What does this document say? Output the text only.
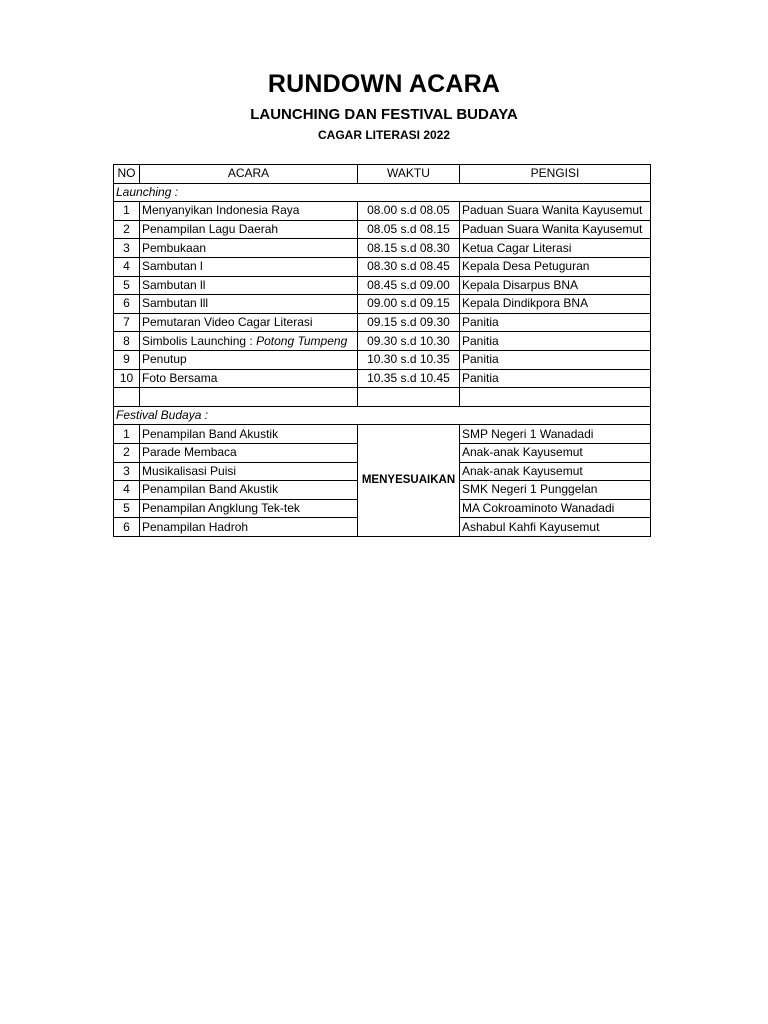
RUNDOWN ACARA
LAUNCHING DAN FESTIVAL BUDAYA
CAGAR LITERASI 2022
NO	ACARA	WAKTU	PENGISI
Launching :			
1	Menyanyikan Indonesia Raya	08.00 s.d 08.05	Paduan Suara Wanita Kayusemut
2	Penampilan Lagu Daerah	08.05 s.d 08.15	Paduan Suara Wanita Kayusemut
3	Pembukaan	08.15 s.d 08.30	Ketua Cagar Literasi
4	Sambutan l	08.30 s.d 08.45	Kepala Desa Petuguran
5	Sambutan ll	08.45 s.d 09.00	Kepala Disarpus BNA
6	Sambutan lll	09.00 s.d 09.15	Kepala Dindikpora BNA
7	Pemutaran Video Cagar Literasi	09.15 s.d 09.30	Panitia
8	Simbolis Launching : Potong Tumpeng	09.30 s.d 10.30	Panitia
9	Penutup	10.30 s.d 10.35	Panitia
10	Foto Bersama	10.35 s.d 10.45	Panitia

Festival Budaya :			
1	Penampilan Band Akustik	MENYESUAIKAN	SMP Negeri 1 Wanadadi
2	Parade Membaca		Anak-anak Kayusemut
3	Musikalisasi Puisi		Anak-anak Kayusemut
4	Penampilan Band Akustik		SMK Negeri 1 Punggelan
5	Penampilan Angklung Tek-tek		MA Cokroaminoto Wanadadi
6	Penampilan Hadroh		Ashabul Kahfi Kayusemut
